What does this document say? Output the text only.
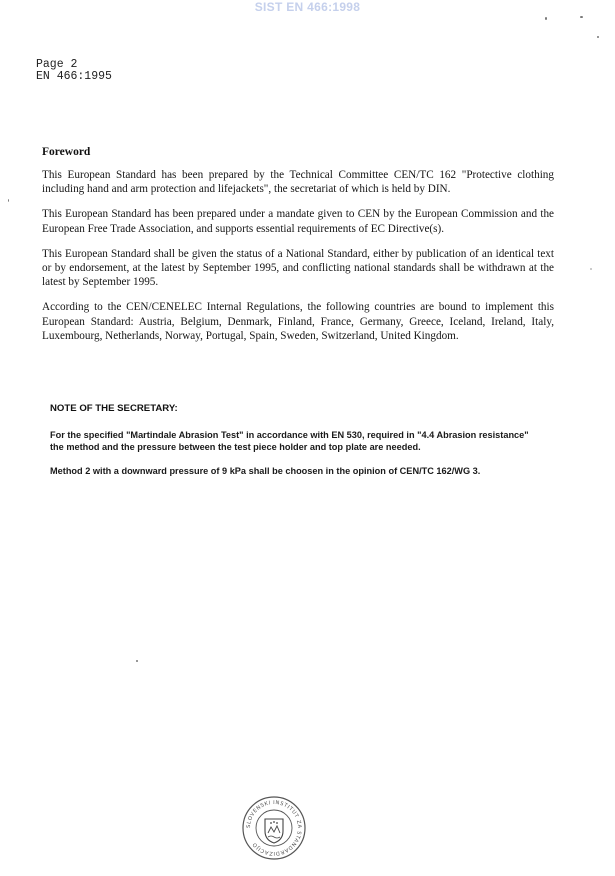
SIST EN 466:1998
Page 2
EN 466:1995

Foreword

This European Standard has been prepared by the Technical Committee CEN/TC 162 "Protective clothing including hand and arm protection and lifejackets", the secretariat of which is held by DIN.

This European Standard has been prepared under a mandate given to CEN by the European Commission and the European Free Trade Association, and supports essential requirements of EC Directive(s).

This European Standard shall be given the status of a National Standard, either by publication of an identical text or by endorsement, at the latest by September 1995, and conflicting national standards shall be withdrawn at the latest by September 1995.

According to the CEN/CENELEC Internal Regulations, the following countries are bound to implement this European Standard: Austria, Belgium, Denmark, Finland, France, Germany, Greece, Iceland, Ireland, Italy, Luxembourg, Netherlands, Norway, Portugal, Spain, Sweden, Switzerland, United Kingdom.

NOTE OF THE SECRETARY:

For the specified "Martindale Abrasion Test" in accordance with EN 530, required in "4.4 Abrasion resistance" the method and the pressure between the test piece holder and top plate are needed.

Method 2 with a downward pressure of 9 kPa shall be choosen in the opinion of CEN/TC 162/WG 3.

SLOVENSKI INSTITUT ZA STANDARDIZACIJO
